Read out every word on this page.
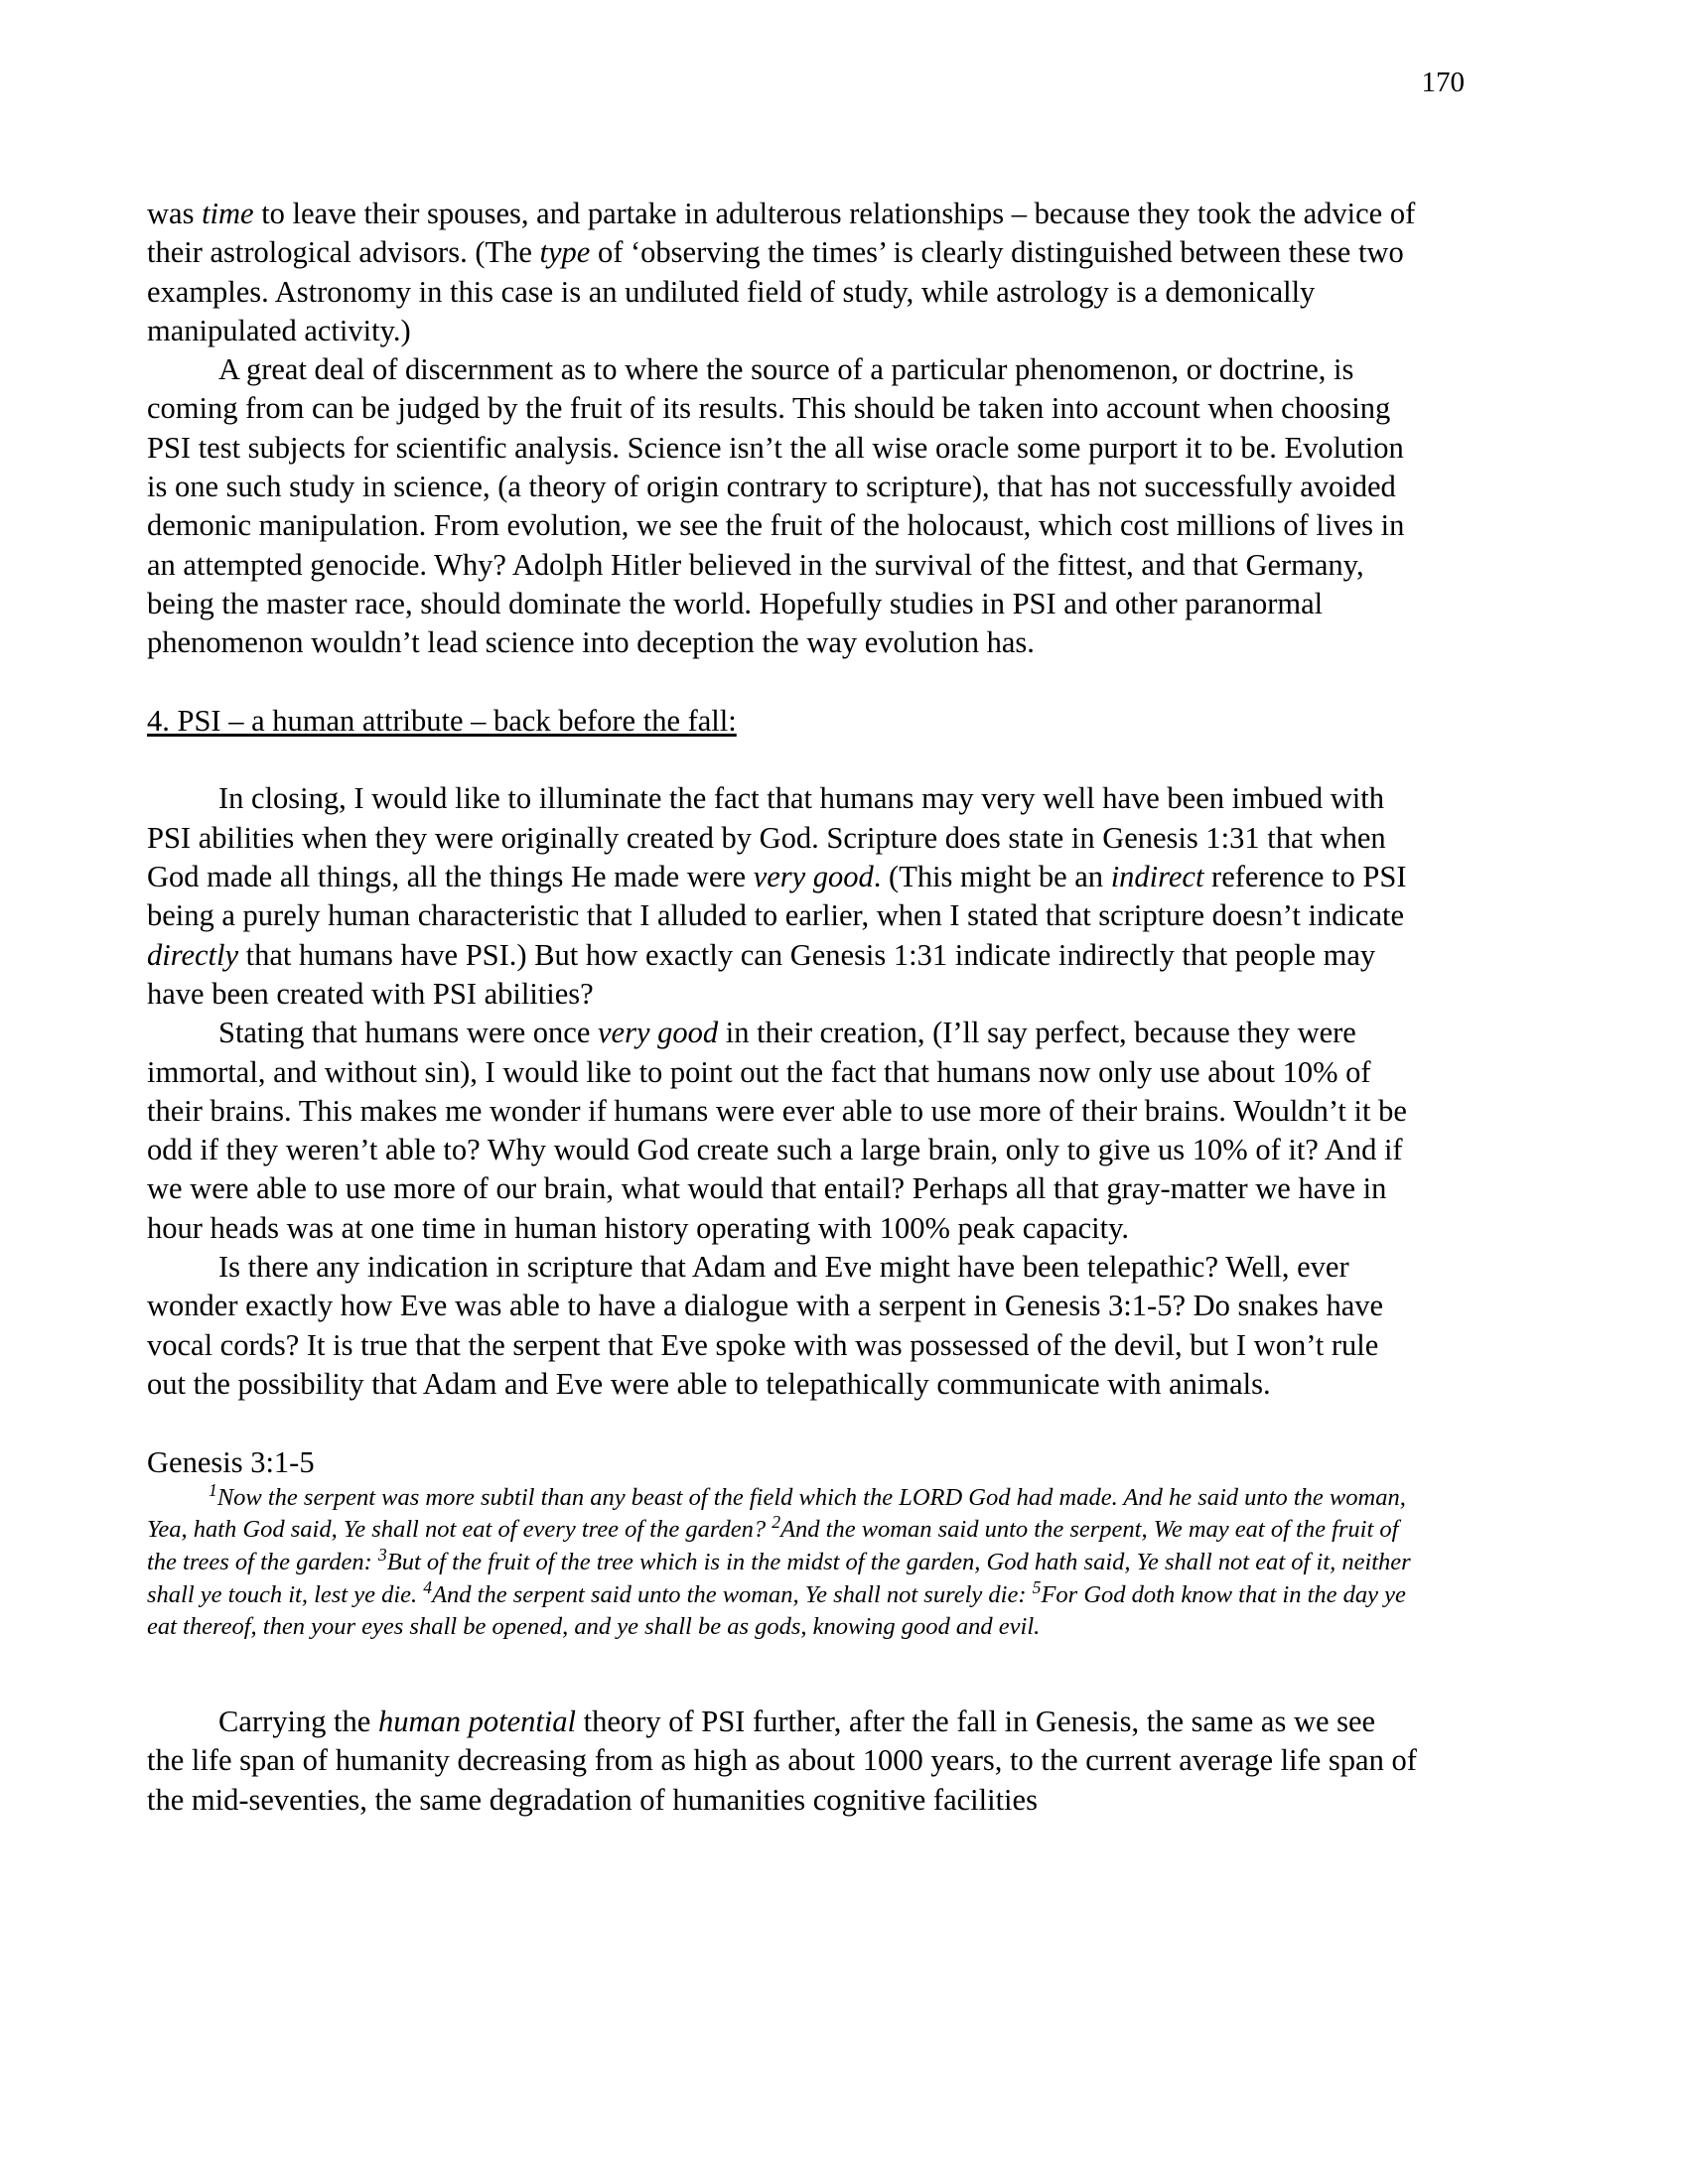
170

was time to leave their spouses, and partake in adulterous relationships – because they took the advice of their astrological advisors. (The type of ‘observing the times’ is clearly distinguished between these two examples. Astronomy in this case is an undiluted field of study, while astrology is a demonically manipulated activity.)

A great deal of discernment as to where the source of a particular phenomenon, or doctrine, is coming from can be judged by the fruit of its results. This should be taken into account when choosing PSI test subjects for scientific analysis. Science isn’t the all wise oracle some purport it to be. Evolution is one such study in science, (a theory of origin contrary to scripture), that has not successfully avoided demonic manipulation. From evolution, we see the fruit of the holocaust, which cost millions of lives in an attempted genocide. Why? Adolph Hitler believed in the survival of the fittest, and that Germany, being the master race, should dominate the world. Hopefully studies in PSI and other paranormal phenomenon wouldn’t lead science into deception the way evolution has.

4. PSI – a human attribute – back before the fall:

In closing, I would like to illuminate the fact that humans may very well have been imbued with PSI abilities when they were originally created by God. Scripture does state in Genesis 1:31 that when God made all things, all the things He made were very good. (This might be an indirect reference to PSI being a purely human characteristic that I alluded to earlier, when I stated that scripture doesn’t indicate directly that humans have PSI.) But how exactly can Genesis 1:31 indicate indirectly that people may have been created with PSI abilities?

Stating that humans were once very good in their creation, (I’ll say perfect, because they were immortal, and without sin), I would like to point out the fact that humans now only use about 10% of their brains. This makes me wonder if humans were ever able to use more of their brains. Wouldn’t it be odd if they weren’t able to? Why would God create such a large brain, only to give us 10% of it? And if we were able to use more of our brain, what would that entail? Perhaps all that gray-matter we have in hour heads was at one time in human history operating with 100% peak capacity.

Is there any indication in scripture that Adam and Eve might have been telepathic? Well, ever wonder exactly how Eve was able to have a dialogue with a serpent in Genesis 3:1-5? Do snakes have vocal cords? It is true that the serpent that Eve spoke with was possessed of the devil, but I won’t rule out the possibility that Adam and Eve were able to telepathically communicate with animals.

Genesis 3:1-5

$^1$Now the serpent was more subtil than any beast of the field which the LORD God had made. And he said unto the woman, Yea, hath God said, Ye shall not eat of every tree of the garden? $^2$And the woman said unto the serpent, We may eat of the fruit of the trees of the garden: $^3$But of the fruit of the tree which is in the midst of the garden, God hath said, Ye shall not eat of it, neither shall ye touch it, lest ye die. $^4$And the serpent said unto the woman, Ye shall not surely die: $^5$For God doth know that in the day ye eat thereof, then your eyes shall be opened, and ye shall be as gods, knowing good and evil.

Carrying the human potential theory of PSI further, after the fall in Genesis, the same as we see the life span of humanity decreasing from as high as about 1000 years, to the current average life span of the mid-seventies, the same degradation of humanities cognitive facilities
